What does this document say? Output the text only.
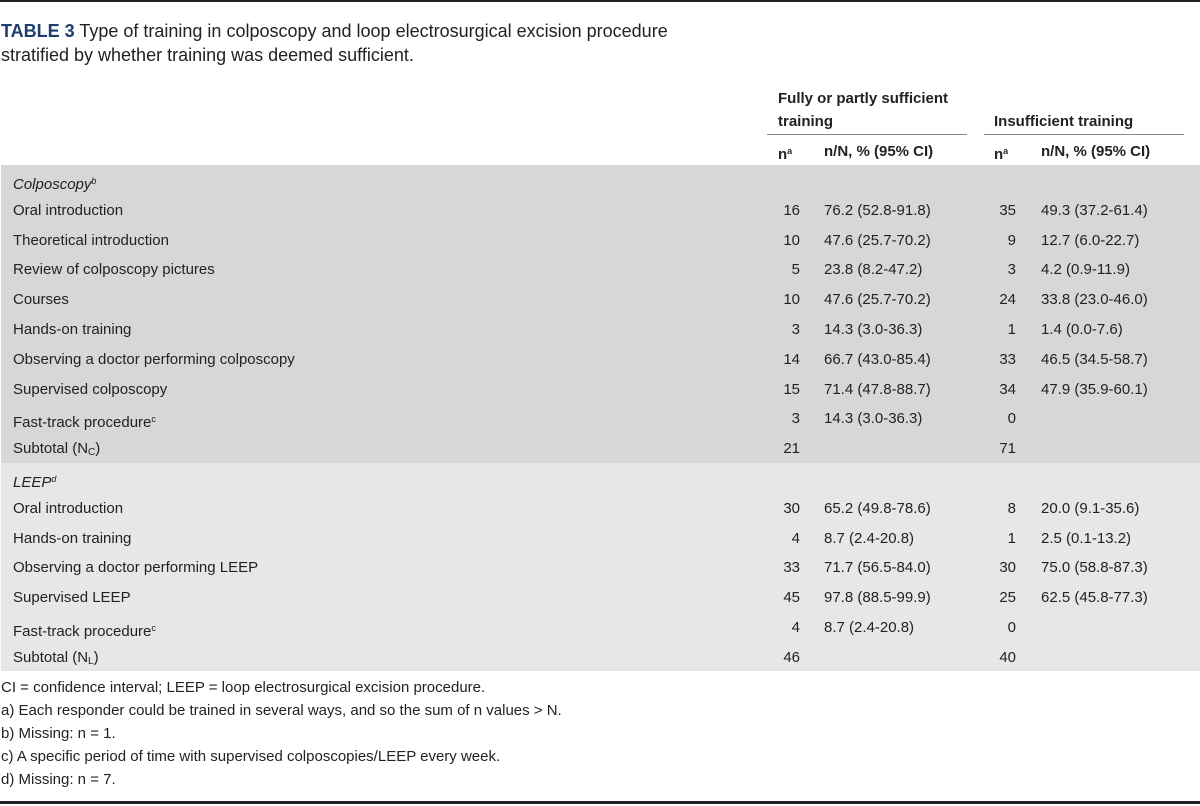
TABLE 3 Type of training in colposcopy and loop electrosurgical excision procedure stratified by whether training was deemed sufficient.
Fully or partly sufficient training	Insufficient training
$n^a$ n/N, % (95% CI)	$n^a$ n/N, % (95% CI)
Colposcopy$^b$
Oral introduction	16 76.2 (52.8-91.8)	35 49.3 (37.2-61.4)
Theoretical introduction	10 47.6 (25.7-70.2)	9 12.7 (6.0-22.7)
Review of colposcopy pictures	5 23.8 (8.2-47.2)	3 4.2 (0.9-11.9)
Courses	10 47.6 (25.7-70.2)	24 33.8 (23.0-46.0)
Hands-on training	3 14.3 (3.0-36.3)	1 1.4 (0.0-7.6)
Observing a doctor performing colposcopy	14 66.7 (43.0-85.4)	33 46.5 (34.5-58.7)
Supervised colposcopy	15 71.4 (47.8-88.7)	34 47.9 (35.9-60.1)
Fast-track procedure$^c$	3 14.3 (3.0-36.3)	0
Subtotal (NC)	21	71
LEEP$^d$
Oral introduction	30 65.2 (49.8-78.6)	8 20.0 (9.1-35.6)
Hands-on training	4 8.7 (2.4-20.8)	1 2.5 (0.1-13.2)
Observing a doctor performing LEEP	33 71.7 (56.5-84.0)	30 75.0 (58.8-87.3)
Supervised LEEP	45 97.8 (88.5-99.9)	25 62.5 (45.8-77.3)
Fast-track procedure$^c$	4 8.7 (2.4-20.8)	0
Subtotal (NL)	46	40
CI = confidence interval; LEEP = loop electrosurgical excision procedure.
a) Each responder could be trained in several ways, and so the sum of n values > N.
b) Missing: n = 1.
c) A specific period of time with supervised colposcopies/LEEP every week.
d) Missing: n = 7.
